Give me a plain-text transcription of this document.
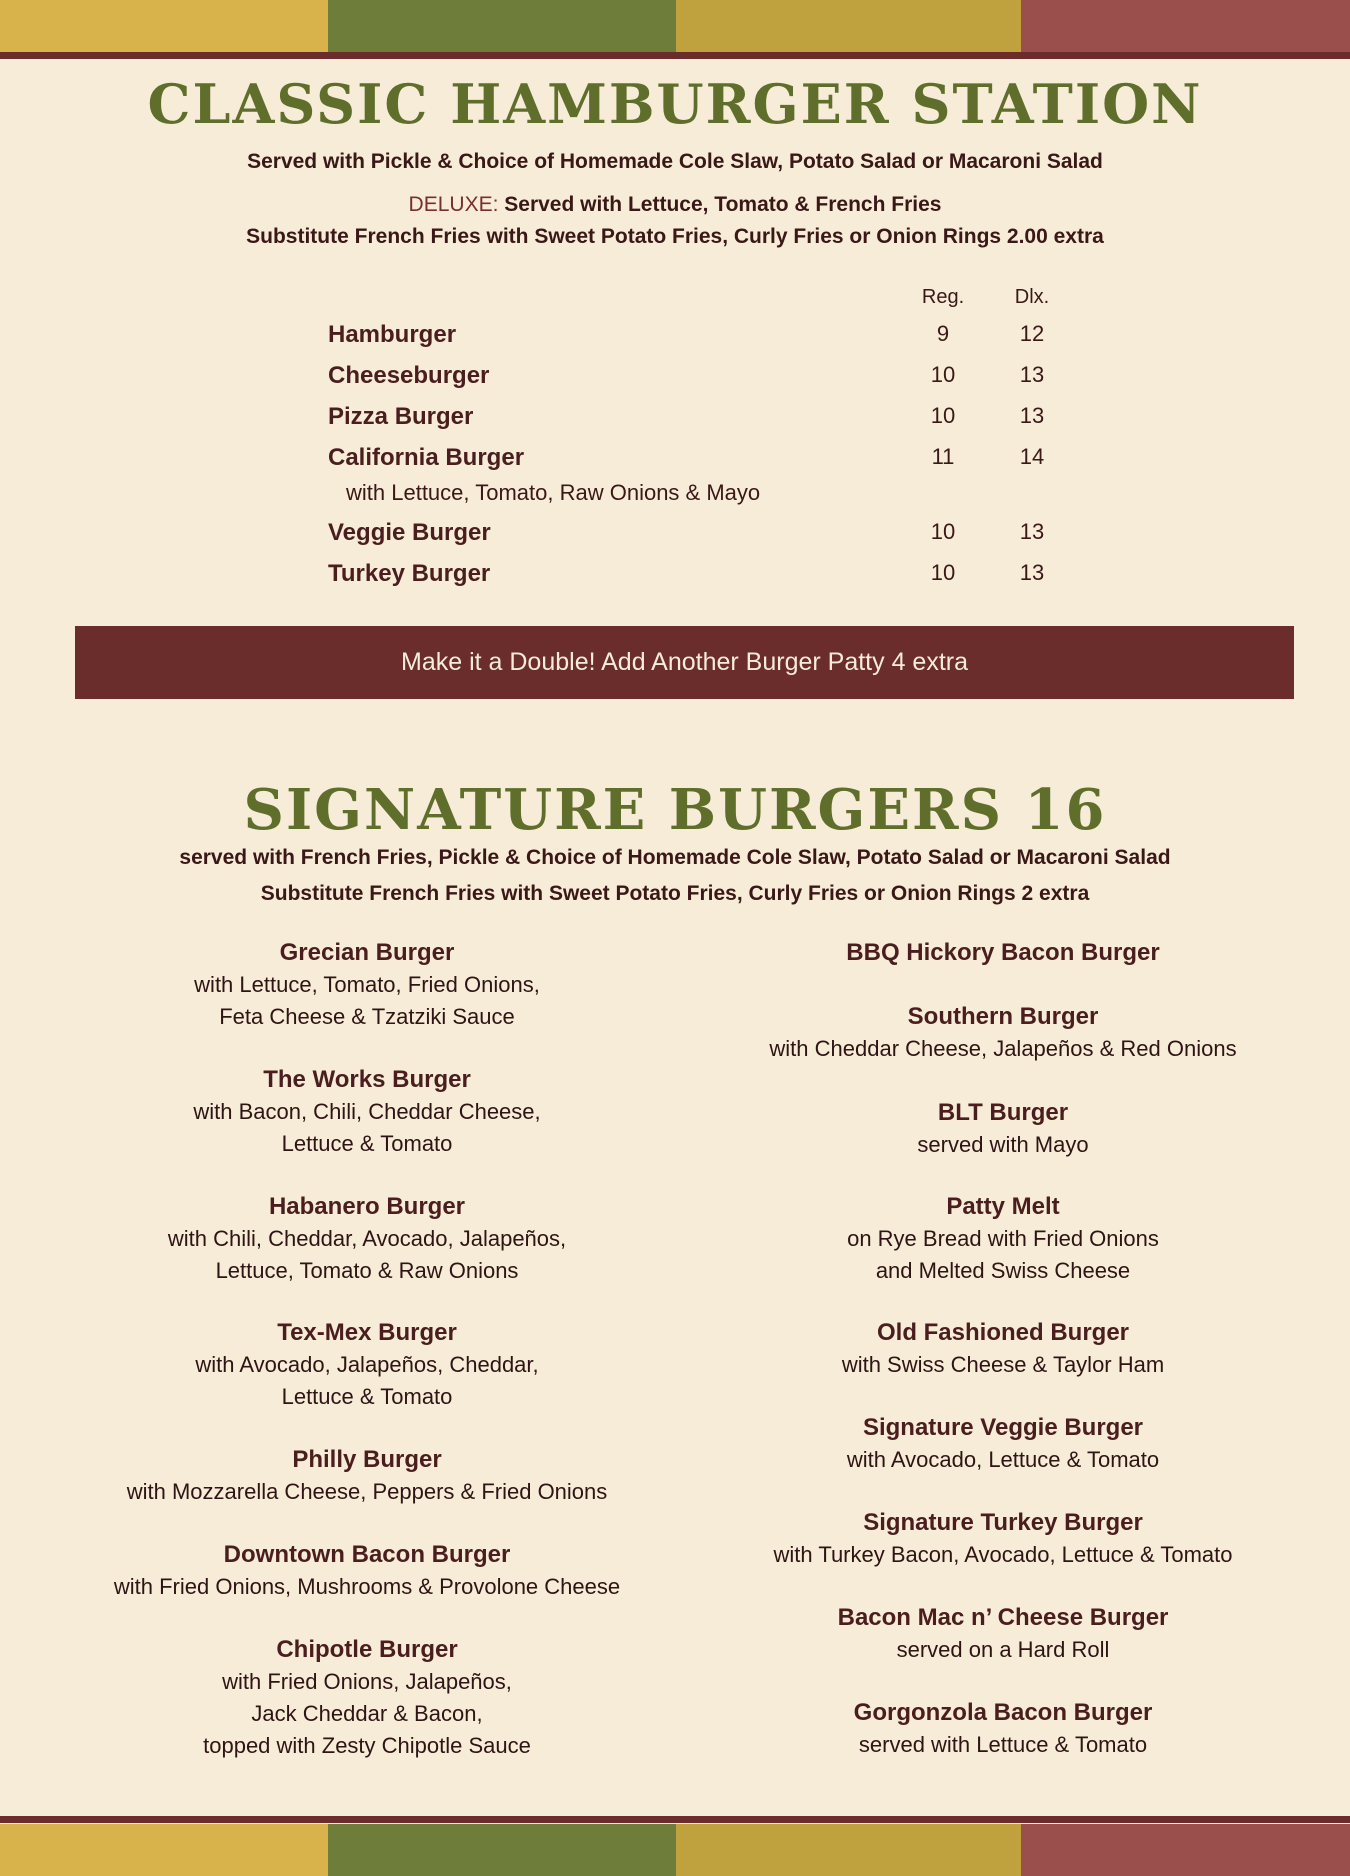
CLASSIC HAMBURGER STATION

Served with Pickle & Choice of Homemade Cole Slaw, Potato Salad or Macaroni Salad

DELUXE: Served with Lettuce, Tomato & French Fries

Substitute French Fries with Sweet Potato Fries, Curly Fries or Onion Rings 2.00 extra

Reg.	Dlx.
Hamburger	9	12
Cheeseburger	10	13
Pizza Burger	10	13
California Burger	11	14
with Lettuce, Tomato, Raw Onions & Mayo
Veggie Burger	10	13
Turkey Burger	10	13
Make it a Double! Add Another Burger Patty 4 extra
SIGNATURE BURGERS 16

served with French Fries, Pickle & Choice of Homemade Cole Slaw, Potato Salad or Macaroni Salad

Substitute French Fries with Sweet Potato Fries, Curly Fries or Onion Rings 2 extra

Grecian Burger
with Lettuce, Tomato, Fried Onions,
Feta Cheese & Tzatziki Sauce
The Works Burger
with Bacon, Chili, Cheddar Cheese,
Lettuce & Tomato
Habanero Burger
with Chili, Cheddar, Avocado, Jalapeños,
Lettuce, Tomato & Raw Onions
Tex-Mex Burger
with Avocado, Jalapeños, Cheddar,
Lettuce & Tomato
Philly Burger
with Mozzarella Cheese, Peppers & Fried Onions
Downtown Bacon Burger
with Fried Onions, Mushrooms & Provolone Cheese
Chipotle Burger
with Fried Onions, Jalapeños,
Jack Cheddar & Bacon,
topped with Zesty Chipotle Sauce
BBQ Hickory Bacon Burger
Southern Burger
with Cheddar Cheese, Jalapeños & Red Onions
BLT Burger
served with Mayo
Patty Melt
on Rye Bread with Fried Onions
and Melted Swiss Cheese
Old Fashioned Burger
with Swiss Cheese & Taylor Ham
Signature Veggie Burger
with Avocado, Lettuce & Tomato
Signature Turkey Burger
with Turkey Bacon, Avocado, Lettuce & Tomato
Bacon Mac n’ Cheese Burger
served on a Hard Roll
Gorgonzola Bacon Burger
served with Lettuce & Tomato
